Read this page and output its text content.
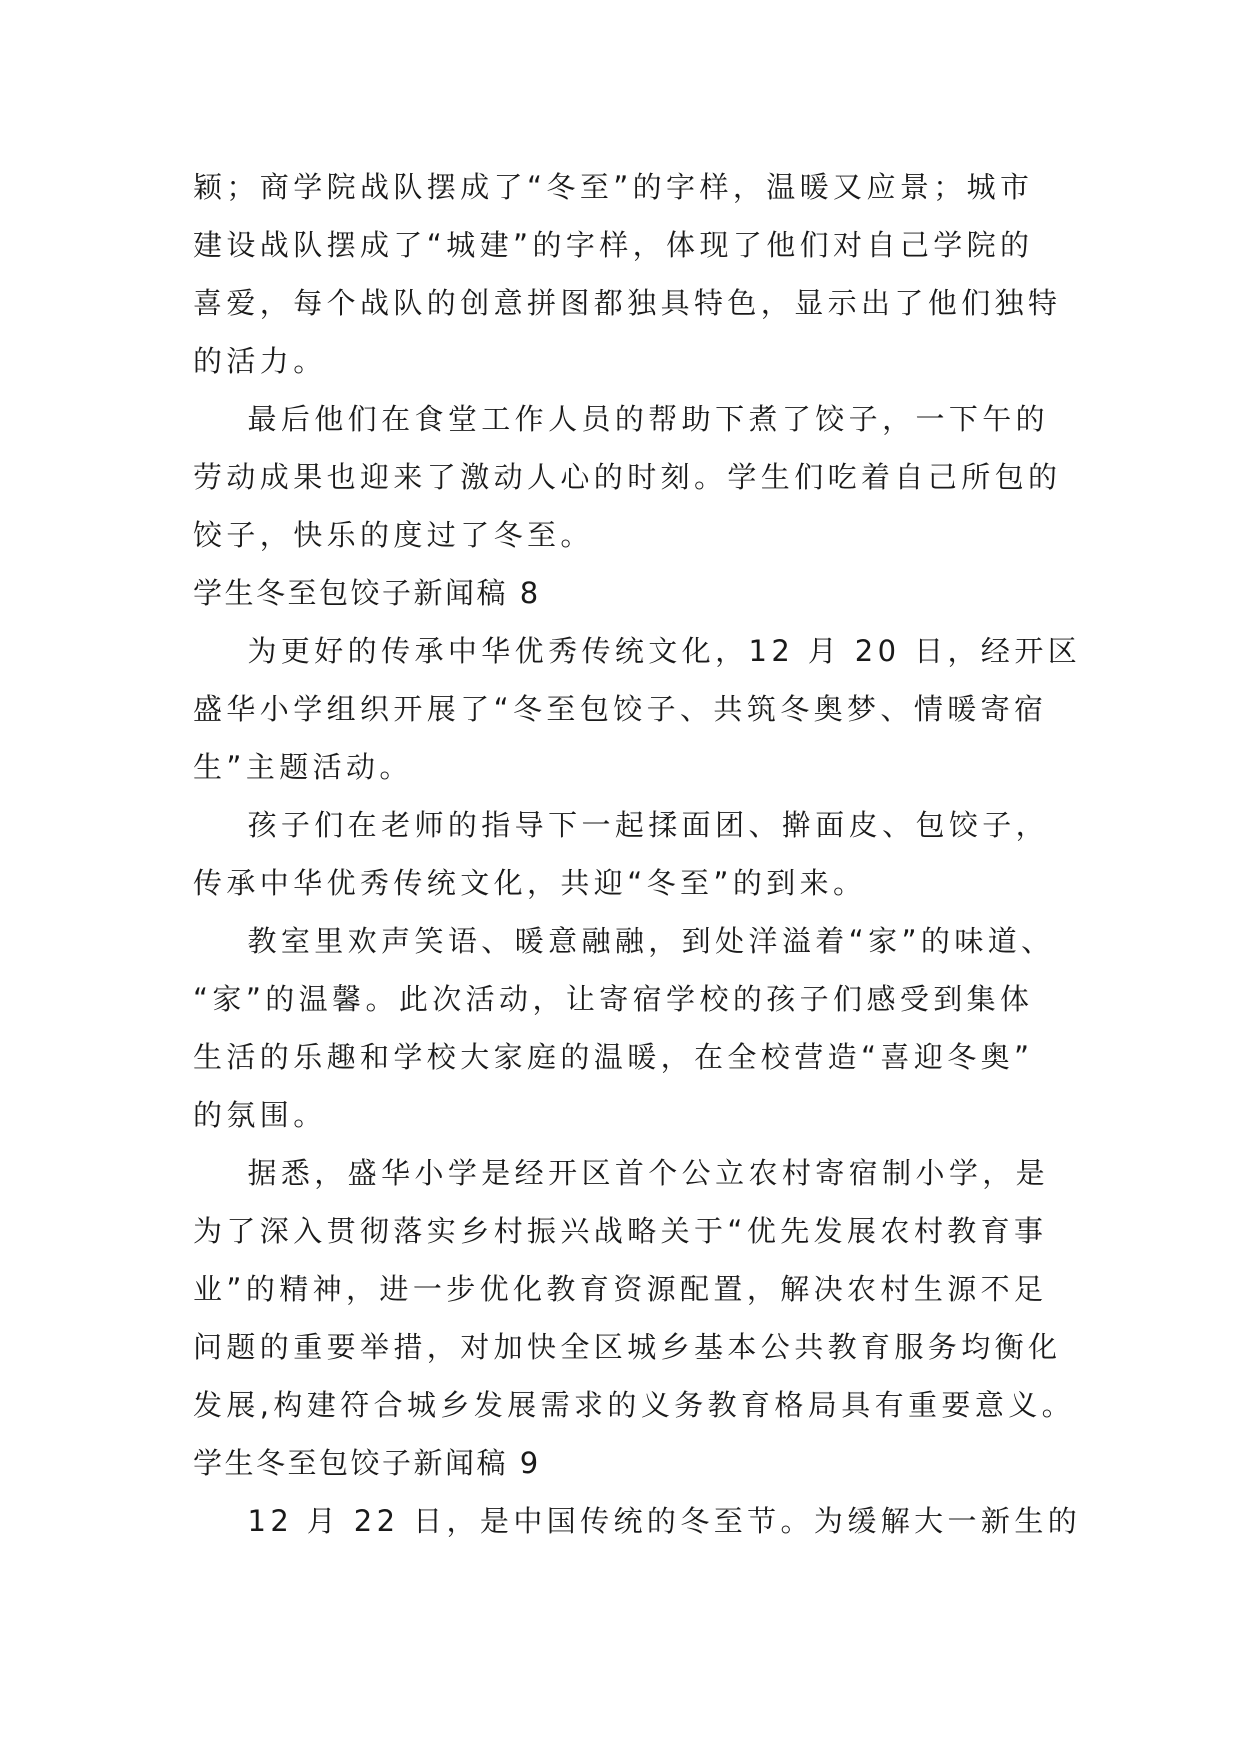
颖；商学院战队摆成了“冬至”的字样，温暖又应景；城市
建设战队摆成了“城建”的字样，体现了他们对自己学院的
喜爱，每个战队的创意拼图都独具特色，显示出了他们独特
的活力。
最后他们在食堂工作人员的帮助下煮了饺子，一下午的
劳动成果也迎来了激动人心的时刻。学生们吃着自己所包的
饺子，快乐的度过了冬至。
学生冬至包饺子新闻稿 8
为更好的传承中华优秀传统文化，12 月 20 日，经开区
盛华小学组织开展了“冬至包饺子、共筑冬奥梦、情暖寄宿
生”主题活动。
孩子们在老师的指导下一起揉面团、擀面皮、包饺子，
传承中华优秀传统文化，共迎“冬至”的到来。
教室里欢声笑语、暖意融融，到处洋溢着“家”的味道、
“家”的温馨。此次活动，让寄宿学校的孩子们感受到集体
生活的乐趣和学校大家庭的温暖，在全校营造“喜迎冬奥”
的氛围。
据悉，盛华小学是经开区首个公立农村寄宿制小学，是
为了深入贯彻落实乡村振兴战略关于“优先发展农村教育事
业”的精神，进一步优化教育资源配置，解决农村生源不足
问题的重要举措，对加快全区城乡基本公共教育服务均衡化
发展,构建符合城乡发展需求的义务教育格局具有重要意义。
学生冬至包饺子新闻稿 9
12 月 22 日，是中国传统的冬至节。为缓解大一新生的
